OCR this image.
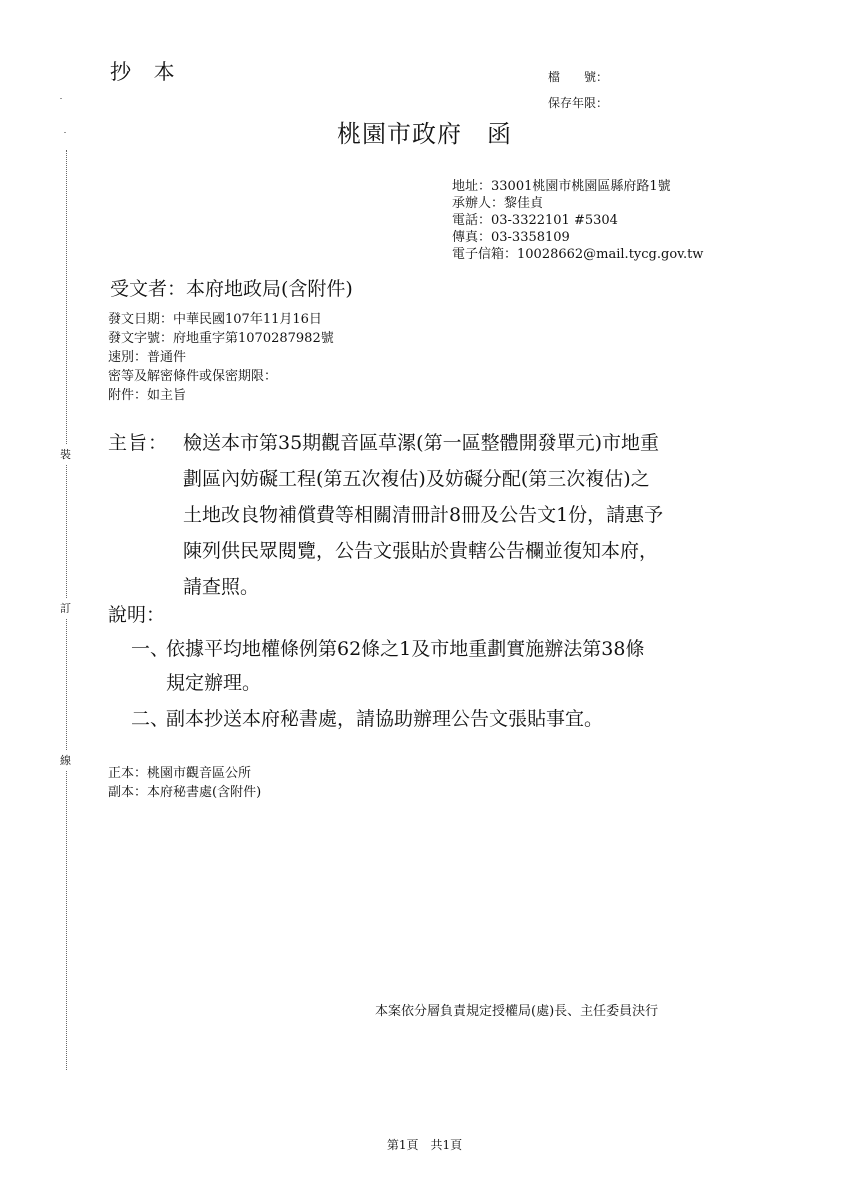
裝
訂
線
抄 本	檔　　號：
保存年限：
桃園市政府　函
地址：33001桃園市桃園區縣府路1號
承辦人：黎佳貞
電話：03-3322101 #5304
傳真：03-3358109
電子信箱：10028662@mail.tycg.gov.tw
受文者：本府地政局(含附件)
發文日期：中華民國107年11月16日
發文字號：府地重字第1070287982號
速別：普通件
密等及解密條件或保密期限：
附件：如主旨
主旨： 檢送本市第35期觀音區草漯(第一區整體開發單元)市地重
劃區內妨礙工程(第五次複估)及妨礙分配(第三次複估)之
土地改良物補償費等相關清冊計8冊及公告文1份，請惠予
陳列供民眾閱覽，公告文張貼於貴轄公告欄並復知本府，
請查照。
說明：
一、
依據平均地權條例第62條之1及市地重劃實施辦法第38條
規定辦理。
二、
副本抄送本府秘書處，請協助辦理公告文張貼事宜。
正本：桃園市觀音區公所
副本：本府秘書處(含附件)
本案依分層負責規定授權局(處)長、主任委員決行
第1頁　共1頁
